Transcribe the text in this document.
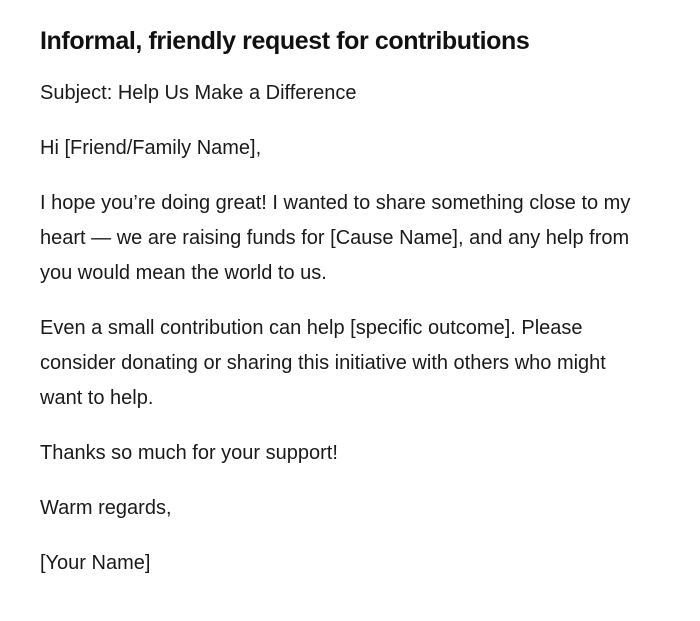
Informal, friendly request for contributions

Subject: Help Us Make a Difference

Hi [Friend/Family Name],

I hope you’re doing great! I wanted to share something close to my heart — we are raising funds for [Cause Name], and any help from you would mean the world to us.

Even a small contribution can help [specific outcome]. Please consider donating or sharing this initiative with others who might want to help.

Thanks so much for your support!

Warm regards,

[Your Name]
